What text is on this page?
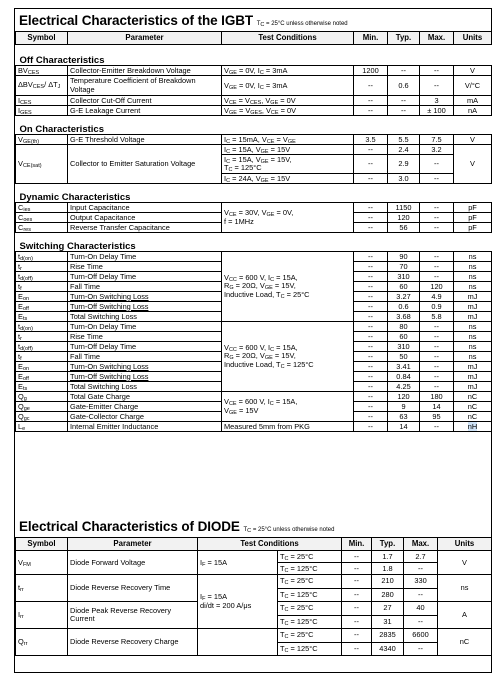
Electrical Characteristics of the IGBT $T_C = 25^\circ C$ unless otherwise noted
Symbol	Parameter	Test Conditions	Min.	Typ.	Max.	Units
Off Characteristics						
$BV_{CES}$	Collector-Emitter Breakdown Voltage	$V_{GE} = 0V$, $I_C = 3mA$	1200	--	--	V
$\Delta BV_{CES}/$ $\Delta T_J$	Temperature Coefficient of Breakdown Voltage	$V_{GE} = 0V$, $I_C = 3mA$	--	0.6	--	V/°C
$I_{CES}$	Collector Cut-Off Current	$V_{CE} = V_{CES}$, $V_{GE} = 0V$	--	--	3	mA
$I_{GES}$	G-E Leakage Current	$V_{GE} = V_{GES}$, $V_{CE} = 0V$	--	--	± 100	nA
On Characteristics						
$V_{GE(th)}$	G-E Threshold Voltage	$I_C = 15mA$, $V_{CE} = V_{GE}$	3.5	5.5	7.5	V
$V_{CE(sat)}$	Collector to Emitter Saturation Voltage	$I_C = 15A$, $V_{GE} = 15V$	--	2.4	3.2	V
		$I_C = 15A$, $V_{GE} = 15V$,
$T_C = 125^\circ C$	--	2.9	--	
		$I_C = 24A$, $V_{GE} = 15V$	--	3.0	--	
Dynamic Characteristics						
$C_{ies}$	Input Capacitance	$V_{CE} = 30V$, $V_{GE} = 0V$,
f = 1MHz	--	1150	--	pF
$C_{oes}$	Output Capacitance		--	120	--	pF
$C_{res}$	Reverse Transfer Capacitance		--	56	--	pF
Switching Characteristics						
$t_{d(on)}$	Turn-On Delay Time	$V_{CC} = 600$ V, $I_C = 15A$,
$R_G = 20\Omega$, $V_{GE} = 15V$,
Inductive Load, $T_C = 25^\circ C$	--	90	--	ns
$t_r$	Rise Time		--	70	--	ns
$t_{d(off)}$	Turn-Off Delay Time		--	310	--	ns
$t_f$	Fall Time		--	60	120	ns
$E_{on}$	Turn-On Switching Loss		--	3.27	4.9	mJ
$E_{off}$	Turn-Off Switching Loss		--	0.6	0.9	mJ
$E_{ts}$	Total Switching Loss		--	3.68	5.8	mJ
$t_{d(on)}$	Turn-On Delay Time	$V_{CC} = 600$ V, $I_C = 15A$,
$R_G = 20\Omega$, $V_{GE} = 15V$,
Inductive Load, $T_C = 125^\circ C$	--	80	--	ns
$t_r$	Rise Time		--	60	--	ns
$t_{d(off)}$	Turn-Off Delay Time		--	310	--	ns
$t_f$	Fall Time		--	50	--	ns
$E_{on}$	Turn-On Switching Loss		--	3.41	--	mJ
$E_{off}$	Turn-Off Switching Loss		--	0.84	--	mJ
$E_{ts}$	Total Switching Loss		--	4.25	--	mJ
$Q_g$	Total Gate Charge	$V_{CE} = 600$ V, $I_C = 15A$,
$V_{GE} = 15V$	--	120	180	nC
$Q_{ge}$	Gate-Emitter Charge		--	9	14	nC
$Q_{gc}$	Gate-Collector Charge		--	63	95	nC
$L_e$	Internal Emitter Inductance	Measured 5mm from PKG	--	14	--	nH
Electrical Characteristics of DIODE $T_C = 25^\circ C$ unless otherwise noted
Symbol	Parameter	Test Conditions		Min.	Typ.	Max.	Units
$V_{FM}$	Diode Forward Voltage	$I_F = 15A$	$T_C = 25^\circ C$	--	1.7	2.7	V
			$T_C = 125^\circ C$	--	1.8	--	
$t_{rr}$	Diode Reverse Recovery Time	$I_F = 15A$
di/dt = 200 A/μs	$T_C = 25^\circ C$	--	210	330	ns
			$T_C = 125^\circ C$	--	280	--	
$I_{rr}$	Diode Peak Reverse Recovery Current		$T_C = 25^\circ C$	--	27	40	A
			$T_C = 125^\circ C$	--	31	--	
$Q_{rr}$	Diode Reverse Recovery Charge		$T_C = 25^\circ C$	--	2835	6600	nC
			$T_C = 125^\circ C$	--	4340	--	
